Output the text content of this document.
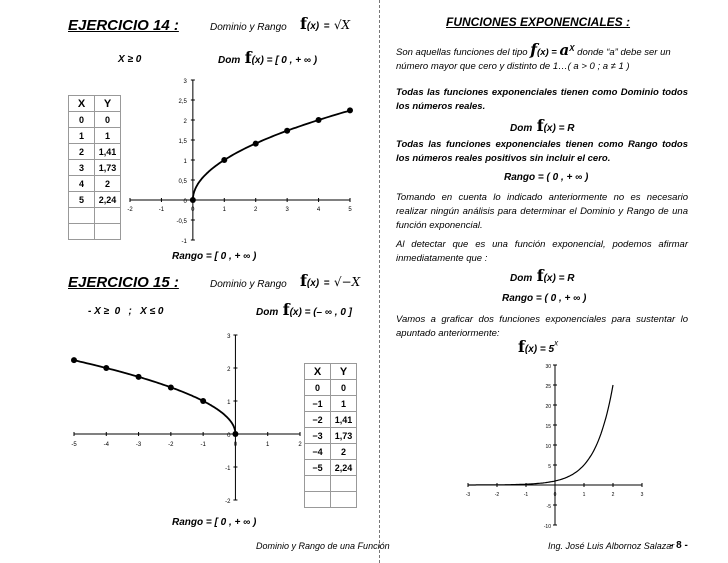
EJERCICIO 14 :	Dominio y Rango f(x) = √X
X ≥ 0	Dom f(x) = [ 0 , + ∞ )
X	Y
0	0
1	1
2	1,41
3	1,73
4	2
5	2,24

-2	-1	0	1	2	3	4	5
3
2,5
2
1,5
1
0,5
0
-0,5
-1
Rango = [ 0 , + ∞ )
EJERCICIO 15 :	Dominio y Rango f(x) = √−X
- X ≥  0   ;   X ≤ 0	Dom f(x) = (– ∞ , 0 ]
-5	-4	-3	-2	-1	0	1	2
3
2
1
0
-1
-2
X	Y
0	0
−1	1
−2	1,41
−3	1,73
−4	2
−5	2,24

Rango = [ 0 , + ∞ )
FUNCIONES EXPONENCIALES :
Son aquellas funciones del tipo $f(x) = a^X$ donde “a” debe ser un
número mayor que cero y distinto de 1…( a > 0 ; a ≠ 1 )
Todas las funciones exponenciales tienen como Dominio todos los números reales.
Dom f(x) = R
Todas las funciones exponenciales tienen como Rango todos los números reales positivos sin incluir el cero.
Rango = ( 0 , + ∞ )
Tomando en cuenta lo indicado anteriormente no es necesario realizar ningún análisis para determinar el Dominio y Rango de una función exponencial.
Al detectar que es una función exponencial, podemos afirmar inmediatamente que :
Dom f(x) = R
Rango = ( 0 , + ∞ )
Vamos a graficar dos funciones exponenciales para sustentar lo apuntado anteriormente:
$f(x) = 5^x$
-3	-2	-1	0	1	2	3
30
25
20
15
10
5
-5
-10
Dominio y Rango de una Función	Ing. José Luis Albornoz Salazar
- 8 -
